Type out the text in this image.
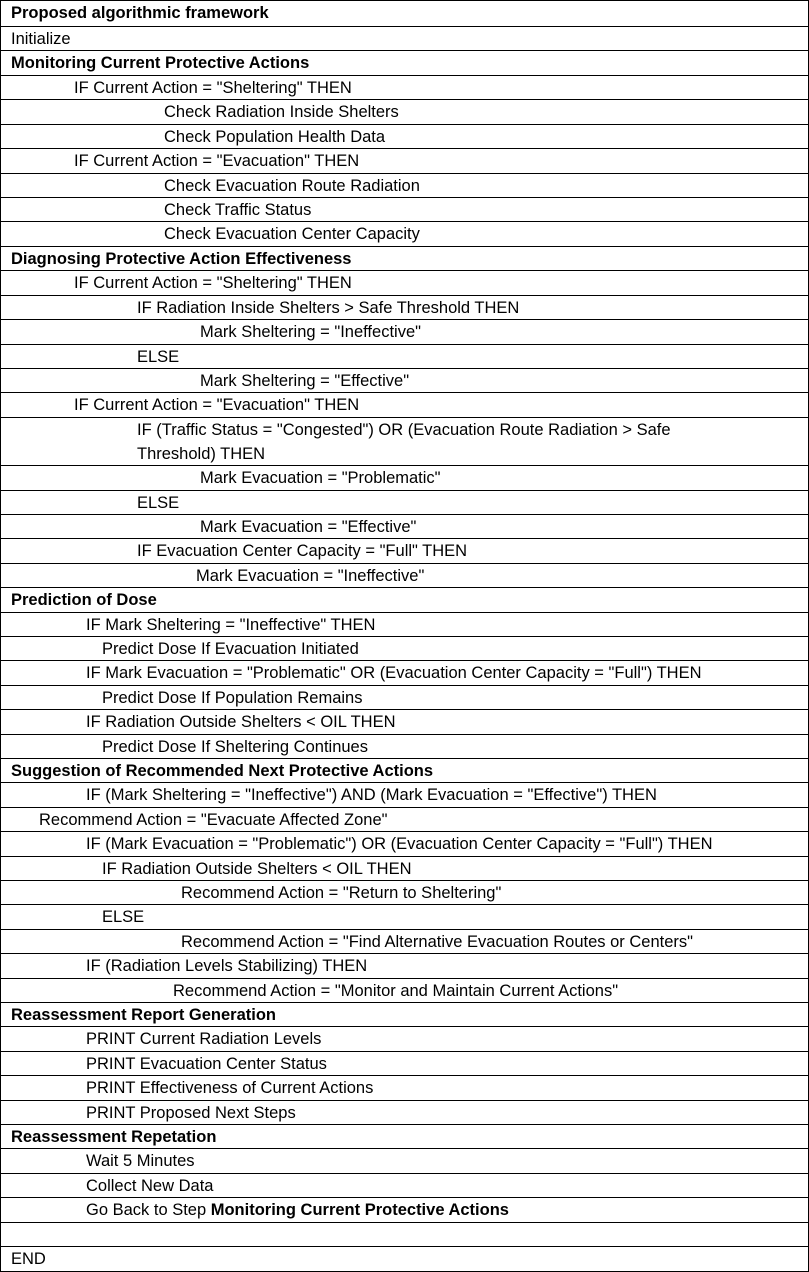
Proposed algorithmic framework
Initialize
Monitoring Current Protective Actions
IF Current Action = "Sheltering" THEN
Check Radiation Inside Shelters
Check Population Health Data
IF Current Action = "Evacuation" THEN
Check Evacuation Route Radiation
Check Traffic Status
Check Evacuation Center Capacity
Diagnosing Protective Action Effectiveness
IF Current Action = "Sheltering" THEN
IF Radiation Inside Shelters > Safe Threshold THEN
Mark Sheltering = "Ineffective"
ELSE
Mark Sheltering = "Effective"
IF Current Action = "Evacuation" THEN
IF (Traffic Status = "Congested") OR (Evacuation Route Radiation > Safe Threshold) THEN
Mark Evacuation = "Problematic"
ELSE
Mark Evacuation = "Effective"
IF Evacuation Center Capacity = "Full" THEN
Mark Evacuation = "Ineffective"
Prediction of Dose
IF Mark Sheltering = "Ineffective" THEN
Predict Dose If Evacuation Initiated
IF Mark Evacuation = "Problematic" OR (Evacuation Center Capacity = "Full") THEN
Predict Dose If Population Remains
IF Radiation Outside Shelters < OIL THEN
Predict Dose If Sheltering Continues
Suggestion of Recommended Next Protective Actions
IF (Mark Sheltering = "Ineffective") AND (Mark Evacuation = "Effective") THEN
Recommend Action = "Evacuate Affected Zone"
IF (Mark Evacuation = "Problematic") OR (Evacuation Center Capacity = "Full") THEN
IF Radiation Outside Shelters < OIL THEN
Recommend Action = "Return to Sheltering"
ELSE
Recommend Action = "Find Alternative Evacuation Routes or Centers"
IF (Radiation Levels Stabilizing) THEN
Recommend Action = "Monitor and Maintain Current Actions"
Reassessment Report Generation
PRINT Current Radiation Levels
PRINT Evacuation Center Status
PRINT Effectiveness of Current Actions
PRINT Proposed Next Steps
Reassessment Repetation
Wait 5 Minutes
Collect New Data
Go Back to Step Monitoring Current Protective Actions
END
